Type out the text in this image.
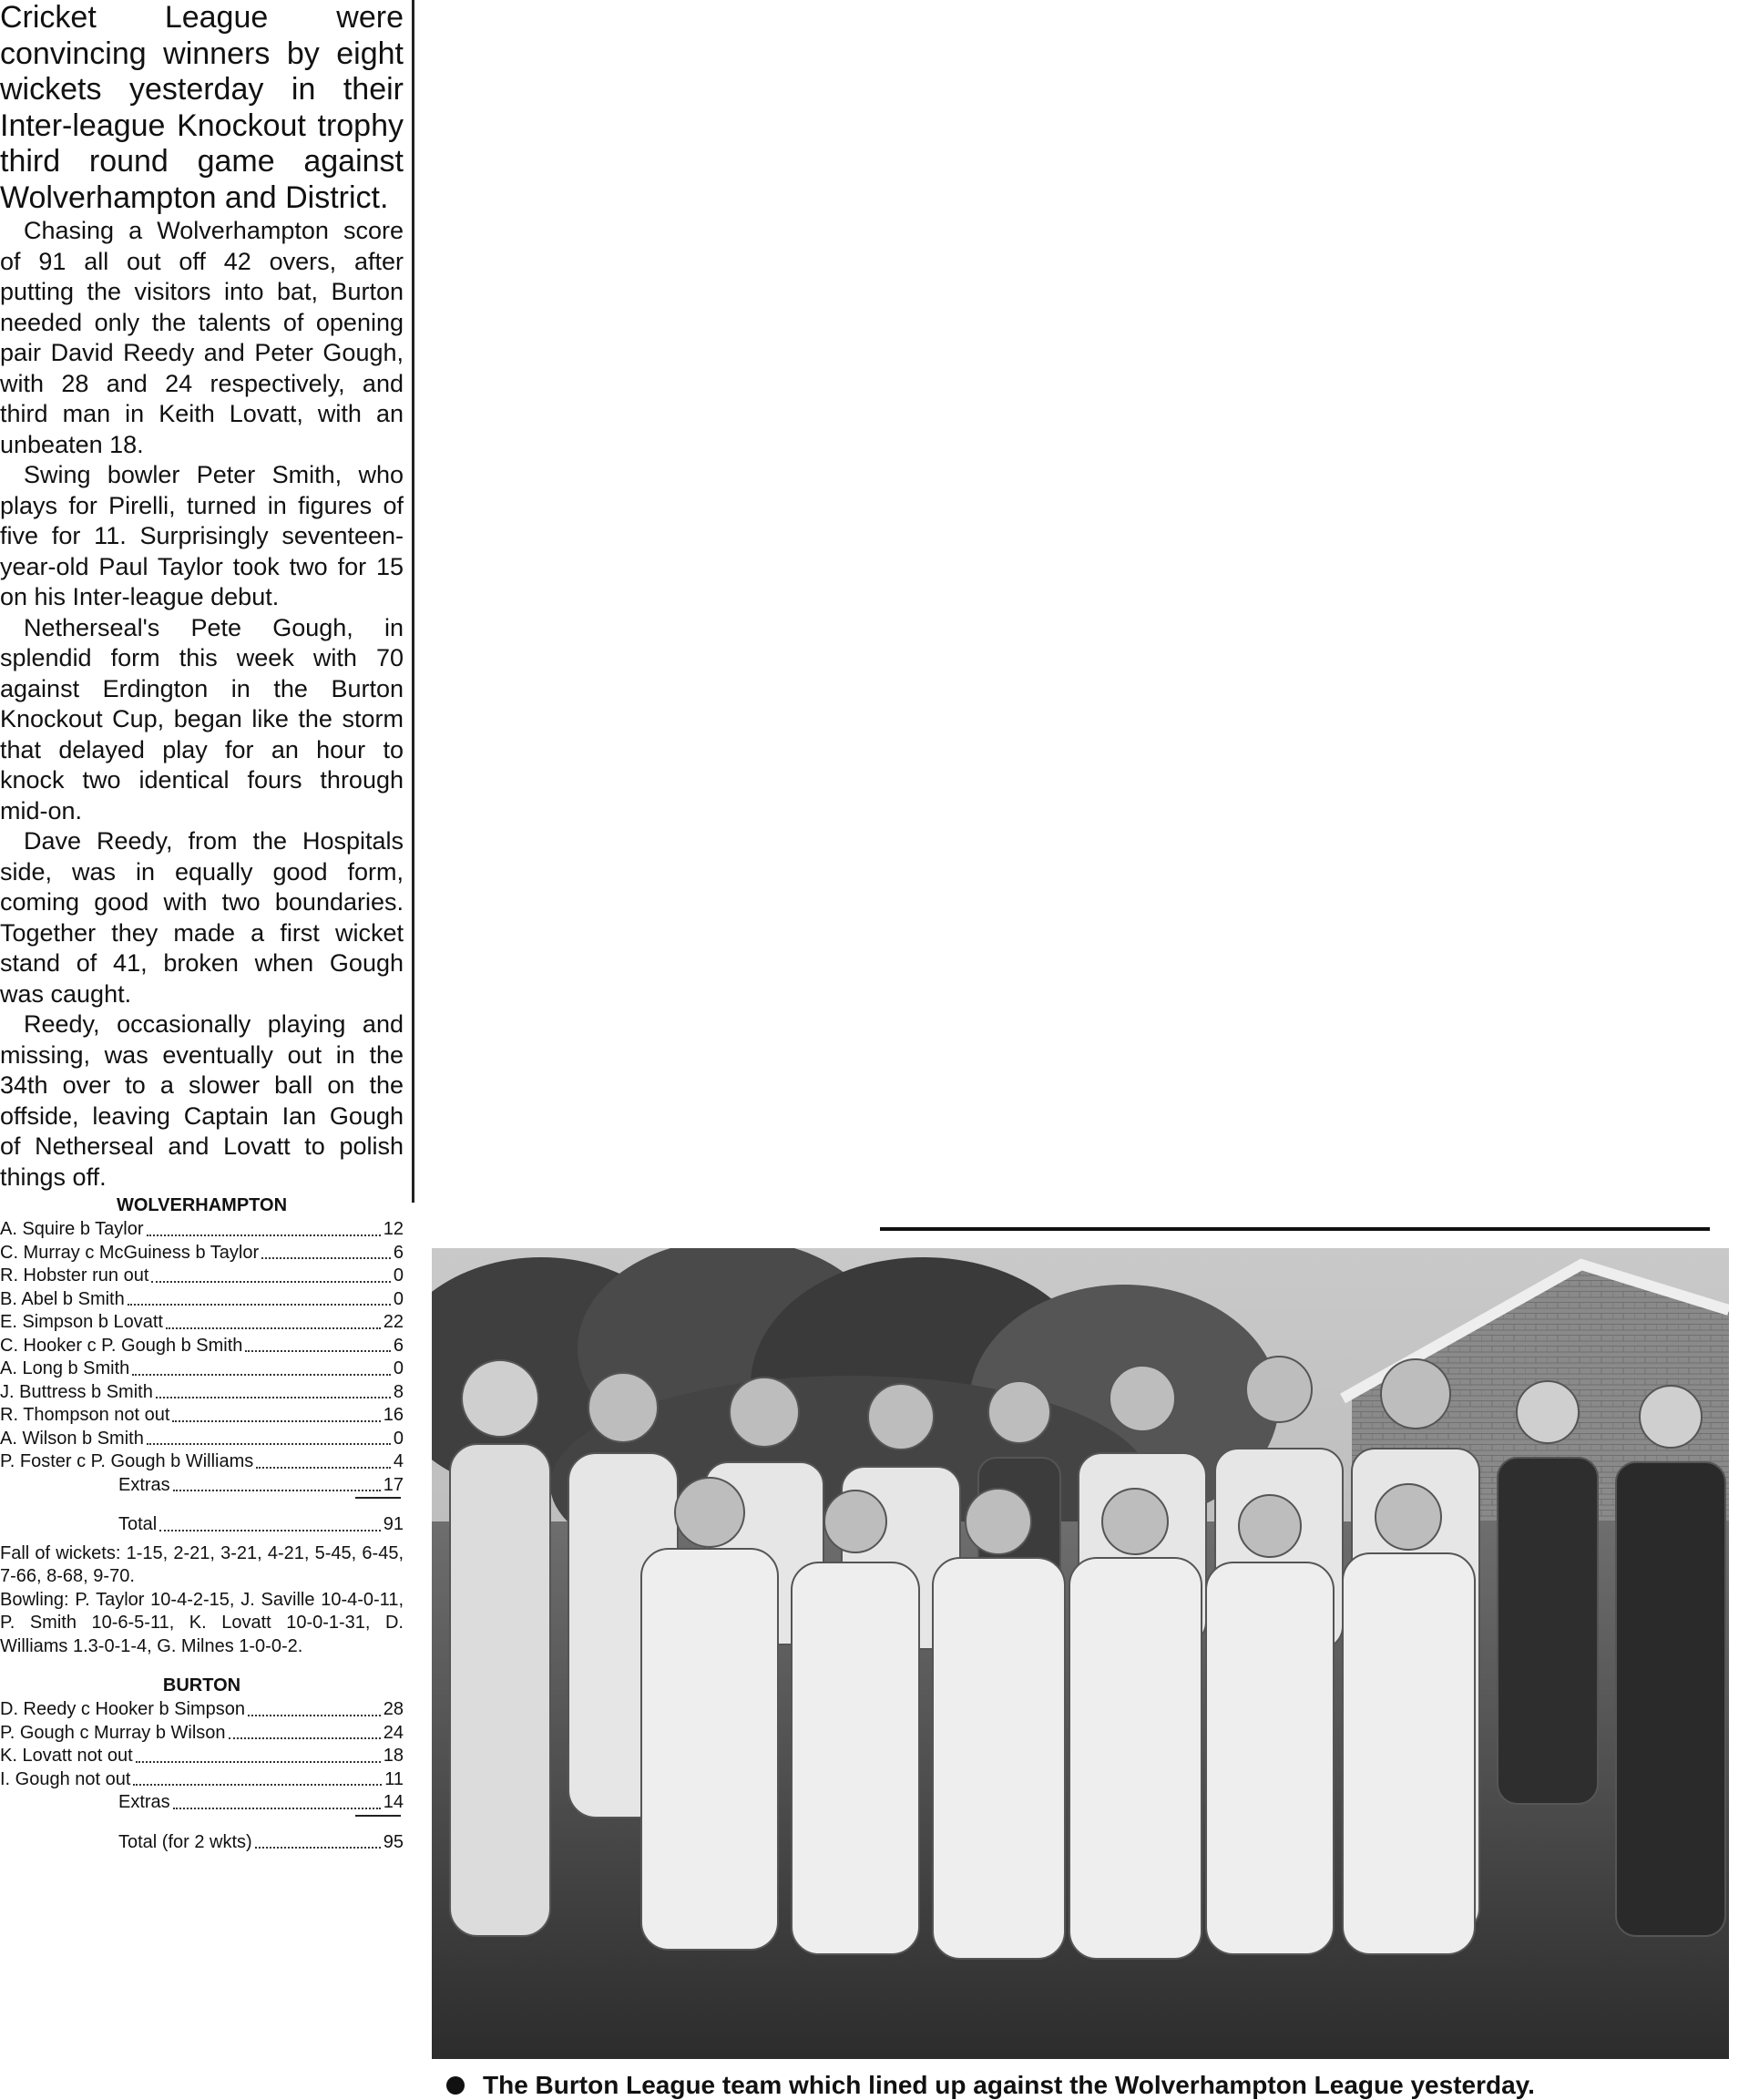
Cricket League were convincing winners by eight wickets yesterday in their Inter-league Knockout trophy third round game against Wolverhampton and District.

Chasing a Wolverhampton score of 91 all out off 42 overs, after putting the visitors into bat, Burton needed only the talents of opening pair David Reedy and Peter Gough, with 28 and 24 respectively, and third man in Keith Lovatt, with an unbeaten 18.

Swing bowler Peter Smith, who plays for Pirelli, turned in figures of five for 11. Surprisingly seventeen-year-old Paul Taylor took two for 15 on his Inter-league debut.

Netherseal's Pete Gough, in splendid form this week with 70 against Erdington in the Burton Knockout Cup, began like the storm that delayed play for an hour to knock two identical fours through mid-on.

Dave Reedy, from the Hospitals side, was in equally good form, coming good with two boundaries. Together they made a first wicket stand of 41, broken when Gough was caught.

Reedy, occasionally playing and missing, was eventually out in the 34th over to a slower ball on the offside, leaving Captain Ian Gough of Netherseal and Lovatt to polish things off.

WOLVERHAMPTON
A. Squire b Taylor	12
C. Murray c McGuiness b Taylor	6
R. Hobster run out	0
B. Abel b Smith	0
E. Simpson b Lovatt	22
C. Hooker c P. Gough b Smith	6
A. Long b Smith	0
J. Buttress b Smith	8
R. Thompson not out	16
A. Wilson b Smith	0
P. Foster c P. Gough b Williams	4
Extras	17
Total	91

Fall of wickets: 1-15, 2-21, 3-21, 4-21, 5-45, 6-45, 7-66, 8-68, 9-70.

Bowling: P. Taylor 10-4-2-15, J. Saville 10-4-0-11, P. Smith 10-6-5-11, K. Lovatt 10-0-1-31, D. Williams 1.3-0-1-4, G. Milnes 1-0-0-2.

BURTON
D. Reedy c Hooker b Simpson	28
P. Gough c Murray b Wilson	24
K. Lovatt not out	18
I. Gough not out	11
Extras	14
Total (for 2 wkts)	95
The Burton League team which lined up against the Wolverhampton League yesterday.
